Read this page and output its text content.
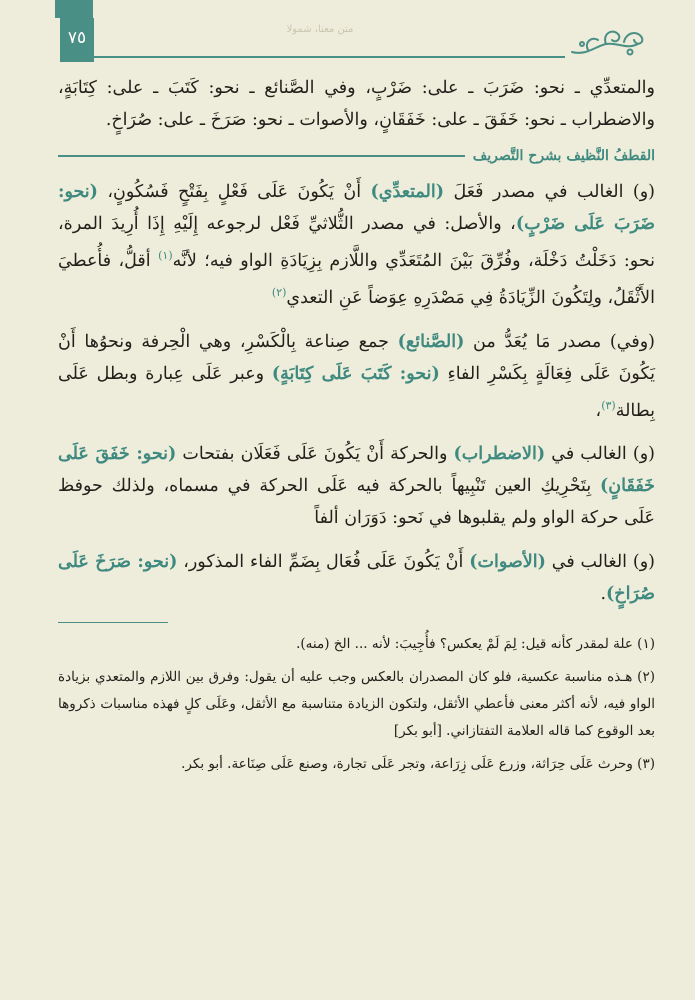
متن معنا، شمولا
٧٥

والمتعدِّي ـ نحو: ضَرَبَ ـ على: ضَرْبٍ، وفي الصَّنائع ـ نحو: كَتَبَ ـ على: كِتَابَةٍ، والاضطراب ـ نحو: خَفَقَ ـ على: خَفَقَانٍ، والأصوات ـ نحو: صَرَخَ ـ على: صُرَاخٍ.

القطفُ النَّظيف بشرح التَّصريف

(و) الغالب في مصدر فَعَلَ (المتعدِّي) أَنْ يَكُونَ عَلَى فَعْلٍ بِفَتْحٍ فَسُكُونٍ، (نحو: ضَرَبَ عَلَى ضَرْبٍ)، والأصل: في مصدر الثُّلاثيِّ فَعْل لرجوعه إِلَيْهِ إِذَا أُرِيدَ المرة، نحو: دَخَلْتُ دَخْلَة، وفُرِّقَ بَيْنَ المُتَعَدِّي واللَّازم بِزِيَادَةِ الواو فيه؛ لأنَّه$^{(١)}$ أقلُّ، فأُعطيَ الأَثْقَلُ، ولِتَكُونَ الزِّيَادَةُ فِي مَصْدَرِهِ عِوَضاً عَنِ التعدي$^{(٢)}$

(وفي) مصدر مَا يُعَدُّ من (الصَّنائع) جمع صِناعة بِالْكَسْرِ، وهي الْحِرفة ونحوُها أَنْ يَكُونَ عَلَى فِعَالَةٍ بِكَسْرِ الفاءِ (نحو: كَتَبَ عَلَى كِتَابَةٍ) وعبر عَلَى عِبارة وبطل عَلَى بِطالة$^{(٣)}$،

(و) الغالب في (الاضطراب) والحركة أَنْ يَكُونَ عَلَى فَعَلَان بفتحات (نحو: خَفَقَ عَلَى خَفَقَانٍ) بِتَحْرِيكِ العين تَنْبِيهاً بالحركة فيه عَلَى الحركة في مسماه، ولذلك حوفظ عَلَى حركة الواو ولم يقلبوها في نَحو: دَوَرَان ألفاً

(و) الغالب في (الأصوات) أَنْ يَكُونَ عَلَى فُعَال بِضَمِّ الفاء المذكور، (نحو: صَرَخَ عَلَى صُرَاخٍ).

(١) علة لمقدر كأنه قيل: لِمَ لَمْ يعكس؟ فأُجِيبَ: لأنه ... الخ (منه).

(٢) هـذه مناسبة عكسية، فلو كان المصدران بالعكس وجب عليه أن يقول: وفرق بين اللازم والمتعدي بزيادة الواو فيه، لأنه أكثر معنى فأعطي الأثقل، ولتكون الزيادة متناسبة مع الأثقل، وعَلَى كلٍ فهذه مناسبات ذكروها بعد الوقوع كما قاله العلامة التفتازاني. [أبو بكر]

(٣) وحرث عَلَى حِرَاثة، وزرع عَلَى زِرَاعة، وتجر عَلَى تجارة، وصنع عَلَى صِنَاعة. أبو بكر.
